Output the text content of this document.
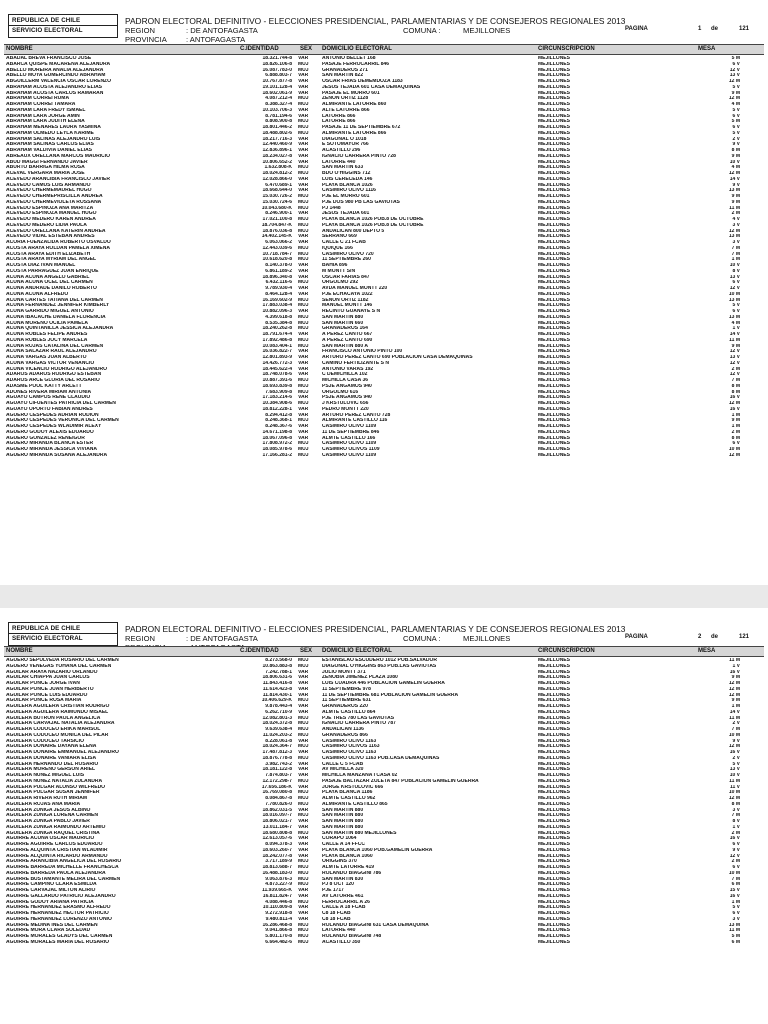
REPUBLICA DE CHILE
SERVICIO ELECTORAL
PADRON ELECTORAL DEFINITIVO - ELECCIONES PRESIDENCIAL, PARLAMENTARIAS Y DE CONSEJEROS REGIONALES 2013
REGION	: DE ANTOFAGASTA
PROVINCIA	: ANTOFAGASTA
COMUNA :	MEJILLONES	PAGINA	1 de	121
NOMBRE	C.IDENTIDAD	SEX DOMICILIO ELECTORAL	CIRCUNSCRIPCION	MESA
ABADAL BREVA FRANCISCO JOSE	18.321.744-8 VAR	ANTONIO BELLET 168	MEJILLONES	5 M
ABARCA QUISPE MACARENA ALEJANDRA	18.826.106-8 MUJ	PASAJE FERROCARRIL 846	MEJILLONES	6 V
ABELLO MOREIRA ANALIA ALEJANDRA	16.087.783-0 MUJ	GRANADEROS 271	MEJILLONES	12 V
ABELLO MOYA GUMERCINDO ABRAHAM	6.888.803-7 VAR	SAN MARTIN 822	MEJILLONES	13 V
ABGUILLERM VALENCIA OSCAR LORENZO	10.767.877-8 VAR	OSCAR FRIAS DEMEMDOZA 1183	MEJILLONES	12 M
ABRAHAM ACOSTA ALEJANDRO ELIAS	19.101.128-4 VAR	JESUS TEJADA 601 CASA DEMAQUINAS	MEJILLONES	5 V
ABRAHAM ACOSTA CARLOS RAMARAN	18.602.061-9 VAR	PASAJE EL MORRO 601	MEJILLONES	9 M
ABRAHAM CORREI RUMA	4.087.212-4 MUJ	ZENON ORTIZ 1128	MEJILLONES	12 M
ABRAHAM CORREI TAMARA	8.388.327-4 MUJ	ALMIRANTE LATORRE 860	MEJILLONES	4 M
ABRAHAM LARA FREDY ISMAEL	10.103.706-3 VAR	ALTE LATORRE 866	MEJILLONES	5 V
ABRAHAM LARA JORGE AMIN	8.781.194-6 VAR	LATORRE 866	MEJILLONES	6 V
ABRAHAM LARA JUDITH ELENA	8.808.900-8 MUJ	LATORRE 866	MEJILLONES	5 M
ABRAHAM MENARES LAURA YASMINA	18.801.446-2 MUJ	PASAJE 11 DE SEPTIEMBRE 672	MEJILLONES	6 V
ABRAHAM OLMEDO LEYLA KARIME	18.488.802-6 MUJ	ALMIRANTE LATORRE 866	MEJILLONES	5 V
ABRAHAM SALINAS ALEJANDRO LUIS	18.217.716-3 VAR	DIAGONAL O 1018	MEJILLONES	2 V
ABRAHAM SALINAS CARLOS ELIAS	12.440.460-9 VAR	E SOTOMAYOR 766	MEJILLONES	9 V
ABRAHAM VALDIVIA DANIEL ELIAS	12.836.896-1 VAR	ACASTILLO 296	MEJILLONES	8 M
ABREAUX ORELLANA MARCOS MAURICIO	18.234.027-8 VAR	IGNACIO CARRERA PINTO 728	MEJILLONES	9 M
ABUD MAGGI FERNANDO JAVIER	10.806.652-2 VAR	LATORRE 440	MEJILLONES	10 V
ABURTO BARRIGA HILMA ROSA	1.632.808-K MUJ	SAN MARTIN 633	MEJILLONES	4 M
ACEVAL VERGARA MARIA JOSE	18.024.812-2 MUJ	BDO O'HIGGINS 712	MEJILLONES	12 M
ACEVEDO ARANCIBIA FRANCISCO JAVIER	12.028.866-0 VAR	LUIS CERECEDA 146	MEJILLONES	14 V
ACEVEDO CAMUS LUIS ARMANDO	6.470.689-1 VAR	PLAYA BLANCA 1026	MEJILLONES	9 V
ACEVEDO CHERMEMAUREL HUGO	18.668.644-0 VAR	CASIMIRO OLIVO 1116	MEJILLONES	13 M
ACEVEDO CHERMEPRISCILLA ANDREA	15.030.726-2 MUJ	PJE EL MORRO 601	MEJILLONES	9 M
ACEVEDO CHERMEVIOLETA ROSSANA	15.030.724-6 MUJ	PJE DOS 980 PB LAS GAVIOTAS	MEJILLONES	9 M
ACEVEDO ESPINOZA ANA MARITZA	10.043.680-K MUJ	PJ 1448	MEJILLONES	11 M
ACEVEDO ESPINOZA MANUEL HUGO	8.246.900-1 VAR	JESUS TEJADA 601	MEJILLONES	2 M
ACEVEDO MEDERO KAREN ANDREA	17.021.100-8 MUJ	PLAYA BLANCA 1026 POB.8 DE OCTUBRE	MEJILLONES	4 V
ACEVEDO MEDERO LIDIA PAOLA	18.704.847-K MUJ	PLAYA BLANCA 1026 POB.8 DE OCTUBRE	MEJILLONES	3 V
ACEVEDO ORELLANA KATERIN ANDREA	18.876.036-8 MUJ	ANDALICAN 800 DEPTO 5	MEJILLONES	12 M
ACEVEDO VIDAL ESTEBAN ANDRES	14.402.145-K VAR	SERRANO 669	MEJILLONES	13 M
ACORIA FUENZALIDA ROBERTO OSVALDO	6.063.066-2 VAR	CALLE C 21 FCAB	MEJILLONES	3 V
ACOSTA ARAYA ROLDAN PAMELA XIMENA	12.443.039-6 MUJ	IQUIQUE 166	MEJILLONES	7 M
ACOSTA ARAYA EDITH ELIZABETH	10.718.784-7 MUJ	CASIMIRO OLIVO 720	MEJILLONES	7 M
ACOSTA ARAYA MYRIAM DEL ANGEL	10.618.620-8 MUJ	11 SEPTIEMBRE 260	MEJILLONES	1 M
ACOSTA DIAZ IVAN MANUEL	8.140.378-0 VAR	BAHIA 896	MEJILLONES	10 V
ACOSTA PARRAGUEZ JUAN ENRIQUE	6.861.189-2 VAR	M MONTT S/N	MEJILLONES	8 V
ACUÑA ACUÑA ANGELO GABRIEL	18.896.340-8 VAR	OSCAR FARIAS 847	MEJILLONES	13 V
ACUÑA ACUÑA OCEL DEL CARMEN	6.432.116-6 MUJ	ORGOLMO 292	MEJILLONES	6 V
ACUÑA ANDRADE DANILO ROBERTO	9.789.930-4 VAR	AVDA MANUEL MONTT 220	MEJILLONES	12 V
ACUÑA ACUÑA ALFREDO	8.464.128-4 VAR	PJE ECHACAYA 1022	MEJILLONES	10 M
ACUÑA CARTES TATIANA DEL CARMEN	16.169.602-9 MUJ	SENON ORTIZ 1182	MEJILLONES	13 M
ACUÑA FERNANDEZ JENNIFER KIMBERLY	17.883.038-4 MUJ	MANUEL MONTT 146	MEJILLONES	5 V
ACUÑA GARRIDO MIGUEL ANTONIO	10.882.096-3 VAR	RECINTO GUANAYE S N	MEJILLONES	6 V
ACUÑA IBACACHE DANIELA FLORENCIA	4.399.618-8 MUJ	SAN MARTIN 880	MEJILLONES	13 M
ACUÑA MORENO OCILIA PAMELA	8.535.384-8 MUJ	SAN MARTIN 660	MEJILLONES	4 M
ACUÑA QUINTANILLA JESSICA ALEJANDRA	18.240.262-8 MUJ	GRANADEROS 164	MEJILLONES	1 V
ACUÑA ROBLES FELIPE ANDRES	18.791.674-4 VAR	A PEREZ CANTO 667	MEJILLONES	14 V
ACUÑA ROBLES JOCY MARCELA	17.892.486-8 MUJ	A PEREZ CANTO 690	MEJILLONES	11 M
ACUÑA ROJAS CATALINA DEL CARMEN	10.083.404-1 MUJ	SAN MARTIN 880 A	MEJILLONES	9 M
ACUÑA SALAZAR RAUL ALEJANDRO	16.036.822-7 VAR	FRANCISCO ANTONIO PINTO 100	MEJILLONES	12 V
ACUÑA VARGAS JUAN ALBERTO	12.801.893-9 VAR	ARTURO PEREZ CANTO 690 POBLACION CASA DEMAQUINAS	MEJILLONES	13 V
ACUÑA VARGAS VICTOR VENANCIO	14.426.772-3 VAR	CAMINO FERTILIZANTE S N	MEJILLONES	12 V
ACUÑA VICENCIO RODRIGO ALEJANDRO	18.445.622-4 VAR	ANTONIO VARAS 192	MEJILLONES	2 M
ADAROS ADAROS RODRIGO ESTEBAN	18.748.078-6 VAR	C DEMICHILLA 102	MEJILLONES	12 V
ADAROS ARCE GLORIA DEL ROSARIO	10.887.391-6 MUJ	MICHILLA CASA 36	MEJILLONES	7 M
ADASME POOL KATTY ARLETT	18.693.839-8 MUJ	PSJE ANGAMOS 940	MEJILLONES	8 M
ADONES RIVERA MIRIAM ANTONIA	7.683.909-8 MUJ	ORGOLMO 616	MEJILLONES	8 M
AGUAYO CAMPOS RENE CLAUDIO	17.183.214-6 VAR	PSJE ANGAMOS 940	MEJILLONES	16 V
AGUAYO CIFUENTES PATRICIA DEL CARMEN	10.384.908-6 MUJ	J KRSTULOVIC 656	MEJILLONES	12 M
AGUAYO OPORTO FABIAN ANDRES	18.812.228-1 VAR	PEDRO MONTT 220	MEJILLONES	16 V
AGUERO CESPEDES ADRIAN RODION	8.294.412-8 VAR	ARTURO PEREZ CANTO 728	MEJILLONES	1 M
AGUERO CESPEDES VERONICA DEL CARMEN	8.248.368-1 MUJ	ALMIRANTE CASTILLO 116	MEJILLONES	9 M
AGUERO CESPEDES WLADIMIR ALEXY	8.248.367-6 VAR	CASIMIRO OLIVO 1109	MEJILLONES	1 M
AGUERO GODOY ALEXIS EDUARDO	14.671.198-8 VAR	11 DE SEPTIEMBRE 846	MEJILLONES	2 M
AGUERO GONZALEZ RENEIGOR	18.067.096-8 VAR	ALMTE CASTILLO 166	MEJILLONES	8 M
AGUERO MIRANDA BLANCA ESTER	17.808.972-2 MUJ	CASIMIRO OLIVO 1109	MEJILLONES	6 V
AGUERO MIRANDA JESSICA VIVIANA	18.085.978-6 MUJ	CASIMIRO OLIVOS 1109	MEJILLONES	10 M
AGUERO MIRANDA SUSANA ALEJANDRA	17.166.281-2 MUJ	CASIMIRO OLIVO 1109	MEJILLONES	12 M
REPUBLICA DE CHILE
SERVICIO ELECTORAL
PADRON ELECTORAL DEFINITIVO - ELECCIONES PRESIDENCIAL, PARLAMENTARIAS Y DE CONSEJEROS REGIONALES 2013
REGION	: DE ANTOFAGASTA	COMUNA :	MEJILLONES	PAGINA	2 de	121
NOMBRE	C.IDENTIDAD	SEX DOMICILIO ELECTORAL	CIRCUNSCRIPCION	MESA
AGUERO SEPULVEDA ROSARIO DEL CARMEN	8.273.568-0 MUJ	ESTANISLAO ESCUDERO 1012 POB.SALVADOR	MEJILLONES	11 M
AGUERO VENEGAS YOHANA DEL CARMEN	10.863.883-8 MUJ	DIAGONAL O'HIGGINS 863 POB.LAS GAVIOTAS	MEJILLONES	1 V
AGUILAR ARAYA NAZARIO ORLANDO	7.242.788-1 VAR	JULIO MONTT 371	MEJILLONES	16 V
AGUILAR CHIAPPA JUAN CARLOS	18.806.631-6 VAR	ZENOBIA JIMENEZ PLAZA 1080	MEJILLONES	9 M
AGUILAR PONCE JORGE IVAN	11.843.416-8 VAR	LUIS CUADRA 446 POBLACION GAMELIN GUERRA	MEJILLONES	12 M
AGUILAR PONCE JUAN HERIBERTO	11.614.423-8 VAR	11 SEPTIEMBRE 978	MEJILLONES	12 M
AGUILAR PONCE LUIS EDUARDO	11.814.430-1 VAR	11 DE SEPTIEMBRE 681 POBLACION GAMELIN GUERRA	MEJILLONES	12 M
AGUILAR PONCE ROSA MARIA	10.406.629-K MUJ	11 SEPTIEMBRE 631	MEJILLONES	9 M
AGUILERA AGUILERA CRISTIAN RODRIGO	9.878.443-4 VAR	GRANADEROS 220	MEJILLONES	1 M
AGUILERA AGUILERA RAIMUNDO MISAEL	6.262.710-9 VAR	ALMTE CASTILLO 864	MEJILLONES	14 V
AGUILERA BUTRON PAOLA ANGELICA	12.082.801-3 MUJ	PJE TRES 780 LAS GAVIOTAS	MEJILLONES	11 M
AGUILERA CARVAJAL NATALIA ALEJANDRA	18.024.372-8 MUJ	IGNACIO CARRERA PINTO 787	MEJILLONES	2 V
AGUILERA CODOCEO ERIKA MARISOL	9.639.638-4 MUJ	ANDALICAN 1136	MEJILLONES	7 M
AGUILERA CODOCEO MONICA DEL PILAR	11.024.203-2 MUJ	GRANADEROS 866	MEJILLONES	10 M
AGUILERA CODOCEO TARSICIO	8.228.061-8 VAR	CASIMIRO OLIVO 1163	MEJILLONES	9 V
AGUILERA DONAIRE DAYANA ELENA	18.024.364-7 MUJ	CASIMIRO OLIVOS 1163	MEJILLONES	12 M
AGUILERA DONAIRE EMMANUEL ALEJANDRO	17.487.812-3 VAR	CASIMIRO OLIVO 1163	MEJILLONES	16 V
AGUILERA DONAIRE VANIARA ELISA	18.876.778-8 MUJ	CASIMIRO OLIVO 1163 POB.CASA DEMAQUINAS	MEJILLONES	2 V
AGUILERA HERNANDO DEL ROSARIO	3.982.743-2 VAR	CALLE C 5 FCAB	MEJILLONES	5 V
AGUILERA MORENO GERSON ARIEL	18.181.122-8 VAR	AV MICHILLA 320	MEJILLONES	13 V
AGUILERA NUÑEZ MIGUEL LUIS	7.874.803-7 VAR	MICHILLA MANZANA I CASA 02	MEJILLONES	10 V
AGUILERA NUÑEZ NATALIA ZULANDRA	12.172.298-7 MUJ	PASAJE BALTAZAR ZULETA 847 POBLACION GAMELIN GUERRA	MEJILLONES	11 M
AGUILERA PULGAR ALONSO WILFREDO	17.656.186-K VAR	JORGE KRSTULOVIC 666	MEJILLONES	11 V
AGUILERA PULGAR SUSAN JENNIFER	16.769.080-8 MUJ	PLAYA BLANCA 1186	MEJILLONES	10 M
AGUILERA RIVERA RUTH MIRIAM	8.084.867-8 MUJ	ALMTE CASTILLO 962	MEJILLONES	12 M
AGUILERA ROJAS ANA MARIA	7.780.826-0 MUJ	ALMIRANTE CASTILLO 865	MEJILLONES	8 M
AGUILERA ZUÑIGA JESUS ALBINO	18.862.031-5 VAR	SAN MARTIN 880	MEJILLONES	3 V
AGUILERA ZUÑIGA LORENA CARMEN	18.016.097-7 MUJ	SAN MARTIN 880	MEJILLONES	7 M
AGUILERA ZUÑIGA PABLO JAVIER	18.806.021-7 VAR	SAN MARTIN 880	MEJILLONES	8 V
AGUILERA ZUÑIGA RAIMUNDO ARTEMIO	13.011.184-7 VAR	SAN MARTIN 880	MEJILLONES	1 V
AGUILERA ZUÑIGA RAQUEL CRISTINA	18.680.808-8 MUJ	SAN MARTIN 880 MEJILLONES	MEJILLONES	2 M
AGUIRRE ACUÑA OSCAR MAURICIO	12.613.057-6 VAR	CORAPO 1064	MEJILLONES	16 V
AGUIRRE AGUIRRE CARLOS EDUARDO	8.094.378-3 VAR	CALLE A 14 FFCC	MEJILLONES	6 V
AGUIRRE ALQUINTA CRISTIAN WLADIMIR	18.603.260-7 VAR	PLAYA BLANCA 1060 POB.GAMELIN GUERRA	MEJILLONES	9 V
AGUIRRE ALQUINTA RICARDO ARMANDO	18.242.077-8 VAR	PLAYA BLANCA 1060	MEJILLONES	12 V
AGUIRRE ARANCIBIA ANGELICA DEL ROSARIO	3.717.189-9 MUJ	ORIGGINS 370	MEJILLONES	2 M
AGUIRRE BARREDA MICHELLE FRANCHESCA	18.813.688-7 MUJ	ALMTE LATORRE 419	MEJILLONES	6 V
AGUIRRE BARREDA PAOLA ALEJANDRA	16.488.183-0 MUJ	ROLANDO BIAGGINI 786	MEJILLONES	10 M
AGUIRRE BUSTAMANTE MELIRA DEL CARMEN	9.063.876-3 MUJ	SAN MARTIN 830	MEJILLONES	7 M
AGUIRRE CAMPINO CLARA ESMILDA	4.873.227-9 MUJ	PJ 8 OCT 120	MEJILLONES	6 M
AGUIRRE CARVAJAL MILTON ALIRIO	11.939.665-K VAR	PJE 1717	MEJILLONES	15 V
AGUIRRE GALLARDO PATRICIO ALEJANDRO	16.811.824-7 VAR	AV LATORRE 461	MEJILLONES	16 V
AGUIRRE GODOY ARIANA PATRICIA	4.088.446-8 MUJ	FERROCARRIL A 26	MEJILLONES	1 M
AGUIRRE HERNANDEZ ERASMO ALFREDO	10.110.809-8 VAR	CALLE A 18 FCAB	MEJILLONES	5 V
AGUIRRE HERNANDEZ HECTOR PATRICIO	9.272.918-8 VAR	C8 18 FCAB	MEJILLONES	6 V
AGUIRRE HERNANDEZ LORENZO ANTONIO	9.480.811-4 VAR	C8 18 FCAB	MEJILLONES	3 V
AGUIRRE MEDINA INES DEL CARMEN	16.286.468-8 MUJ	ROLANDO BIAGGINI 631 CASA DEMAQUINA	MEJILLONES	13 M
AGUIRRE MORA CLARA SOLEDAD	9.041.866-8 MUJ	LATORRE 440	MEJILLONES	11 M
AGUIRRE MORALES GLADYS DEL CARMEN	5.801.170-8 MUJ	ROLANDO BIAGGINI 748	MEJILLONES	5 M
AGUIRRE MORALES MARIA DEL ROSARIO	6.664.482-6 MUJ	ACASTILLO 350	MEJILLONES	6 M
